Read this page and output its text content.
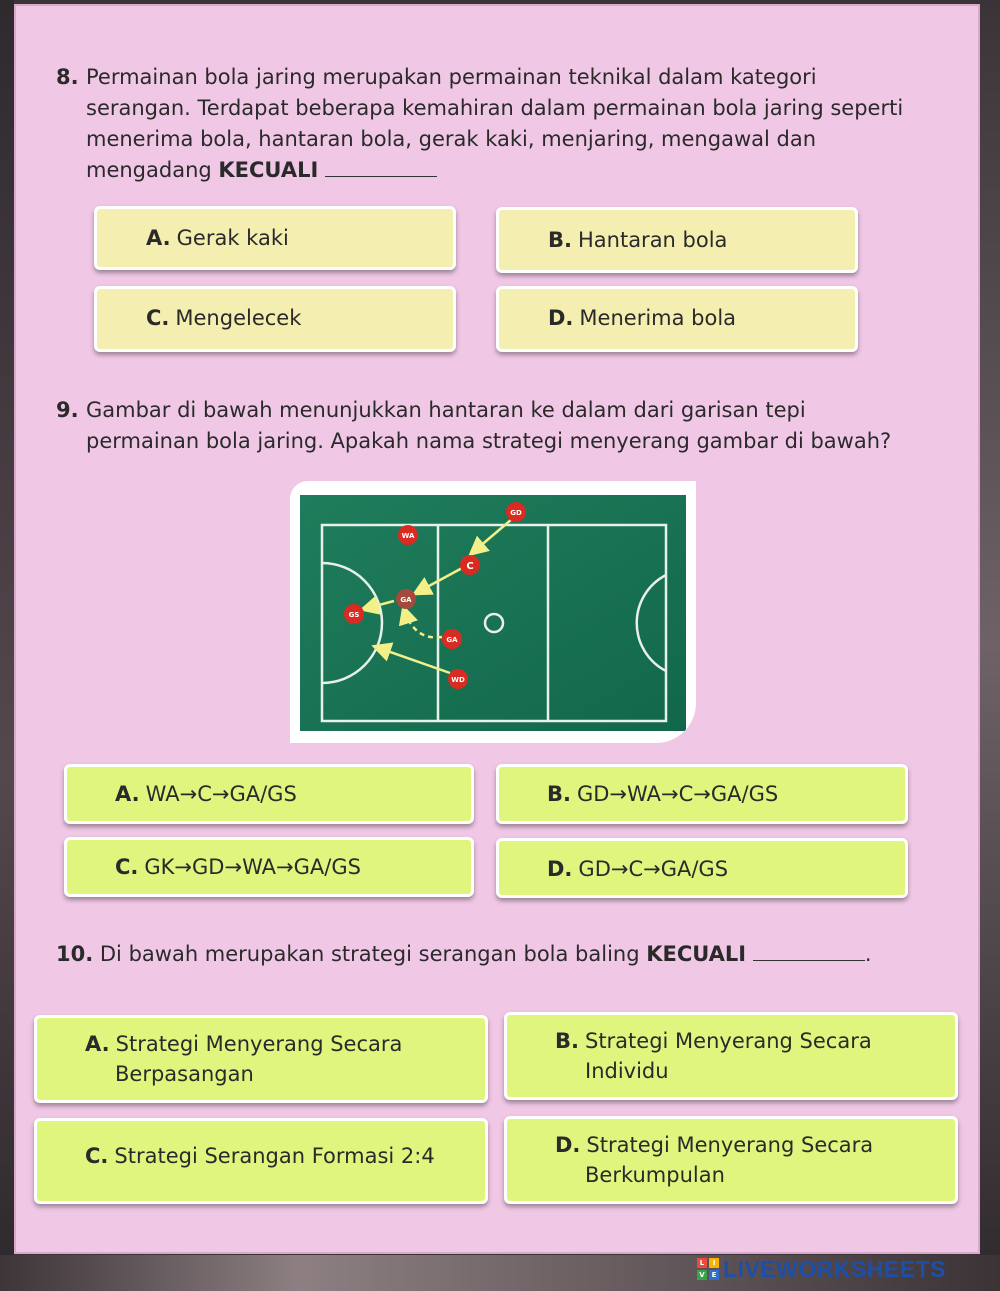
8. Permainan bola jaring merupakan permainan teknikal dalam kategori
serangan. Terdapat beberapa kemahiran dalam permainan bola jaring seperti
menerima bola, hantaran bola, gerak kaki, menjaring, mengawal dan
mengadang KECUALI
A. Gerak kaki	B. Hantaran bola
C. Mengelecek	D. Menerima bola
9. Gambar di bawah menunjukkan hantaran ke dalam dari garisan tepi
permainan bola jaring. Apakah nama strategi menyerang gambar di bawah?
GD
WA
C
GA
GS
GA
WD
A. WA→C→GA/GS	B. GD→WA→C→GA/GS
C. GK→GD→WA→GA/GS	D. GD→C→GA/GS
10. Di bawah merupakan strategi serangan bola baling KECUALI	.
A. Strategi Menyerang Secara
Berpasangan
B. Strategi Menyerang Secara
Individu
C. Strategi Serangan Formasi 2:4	D. Strategi Menyerang Secara
Berkumpulan
L	I
V E LIVEWORKSHEETS
